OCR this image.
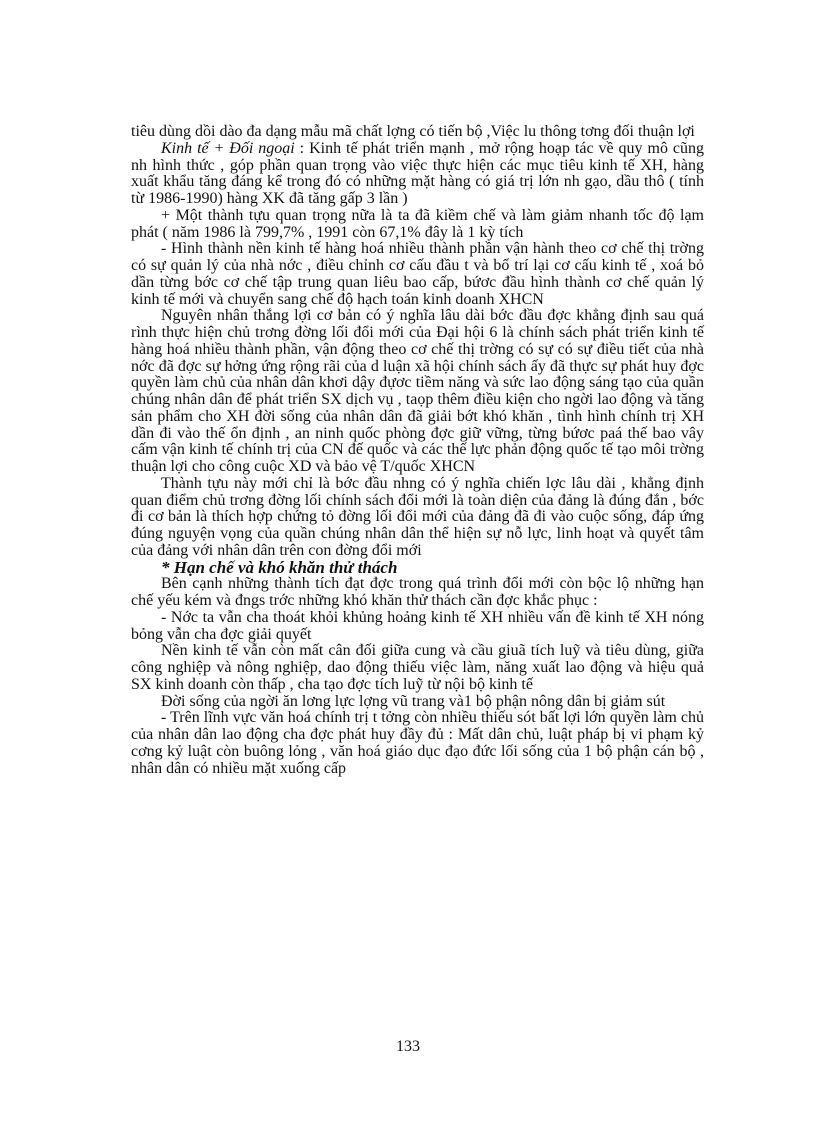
tiêu dùng dồi dào đa dạng mẫu mã chất lợng có tiến bộ ,Việc lu thông tơng đối thuận lợi

Kinh tế + Đối ngoại : Kinh tế phát triển mạnh , mở rộng hoạp tác về quy mô cũng nh hình thức , góp phần quan trọng vào việc thực hiện các mục tiêu kinh tế XH, hàng xuất khẩu tăng đáng kể trong đó có những mặt hàng có giá trị lớn nh gạo, dầu thô ( tính từ 1986-1990) hàng XK đã tăng gấp 3 lần )

+ Một thành tựu quan trọng nữa là ta đã kiềm chế và làm giảm nhanh tốc độ lạm phát ( năm 1986 là 799,7% , 1991 còn 67,1% đây là 1 kỳ tích

- Hình thành nền kinh tế hàng hoá nhiều thành phần vận hành theo cơ chế thị trờng có sự quản lý của nhà nớc , điều chỉnh cơ cấu đầu t và bố trí lại cơ cấu kinh tế , xoá bỏ dần từng bớc cơ chế tập trung quan liêu bao cấp, bứơc đầu hình thành cơ chế quản lý kinh tế mới và chuyển sang chế độ hạch toán kinh doanh XHCN

Nguyên nhân thắng lợi cơ bản có ý nghĩa lâu dài bớc đầu đợc khẳng định sau quá rình thực hiện chủ trơng đờng lối đổi mới của Đại hội 6 là chính sách phát triển kinh tế hàng hoá nhiều thành phần, vận động theo cơ chế thị trờng có sự có sự điều tiết của nhà nớc đã đợc sự hởng ứng rộng rãi của d luận xã hội chính sách ấy đã thực sự phát huy đợc quyền làm chủ của nhân dân khơi dậy đựơc tiềm năng và sức lao động sáng tạo của quần chúng nhân dân để phát triển SX dịch vụ , taọp thêm điều kiện cho ngời lao động và tăng sản phẩm cho XH đời sống của nhân dân đã giải bớt khó khăn , tình hình chính trị XH dần đi vào thế ổn định , an ninh quốc phòng đợc giữ vững, từng bứơc paá thế bao vây cấm vận kinh tế chính trị của CN đế quốc và các thế lực phản động quốc tế tạo môi trờng thuận lợi cho công cuộc XD và bảo vệ T/quốc XHCN

Thành tựu này mới chỉ là bớc đầu nhng có ý nghĩa chiến lợc lâu dài , khẳng định quan điểm chủ trơng đờng lối chính sách đổi mới là toàn diện của đảng là đúng đắn , bớc đi cơ bản là thích hợp chứng tỏ đờng lối đổi mới của đảng đã đi vào cuộc sống, đáp ứng đúng nguyện vọng của quần chúng nhân dân thể hiện sự nỗ lực, linh hoạt và quyết tâm của đảng với nhân dân trên con đờng đổi mới

* Hạn chế và khó khăn thử thách

Bên cạnh những thành tích đạt đợc trong quá trình đổi mới còn bộc lộ những hạn chế yếu kém và đngs trớc những khó khăn thử thách cần đợc khắc phục :

- Nớc ta vẫn cha thoát khỏi khủng hoảng kinh tế XH nhiều vấn đề kinh tế XH nóng bỏng vẫn cha đợc giải quyết

Nền kinh tế vẫn còn mất cân đối giữa cung và cầu giuã tích luỹ và tiêu dùng, giữa công nghiệp và nông nghiệp, dao động thiếu việc làm, năng xuất lao động và hiệu quả SX kinh doanh còn thấp , cha tạo đợc tích luỹ từ nội bộ kinh tế

Đời sống của ngời ăn lơng lực lợng vũ trang và1 bộ phận nông dân bị giảm sút

- Trên lĩnh vực văn hoá chính trị t tởng còn nhiều thiếu sót bất lợi lớn quyền làm chủ của nhân dân lao động cha đợc phát huy đầy đủ : Mất dân chủ, luật pháp bị vi phạm kỷ cơng kỷ luật còn buông lỏng , văn hoá giáo dục đạo đức lối sống của 1 bộ phận cán bộ , nhân dân có nhiều mặt xuống cấp

133
